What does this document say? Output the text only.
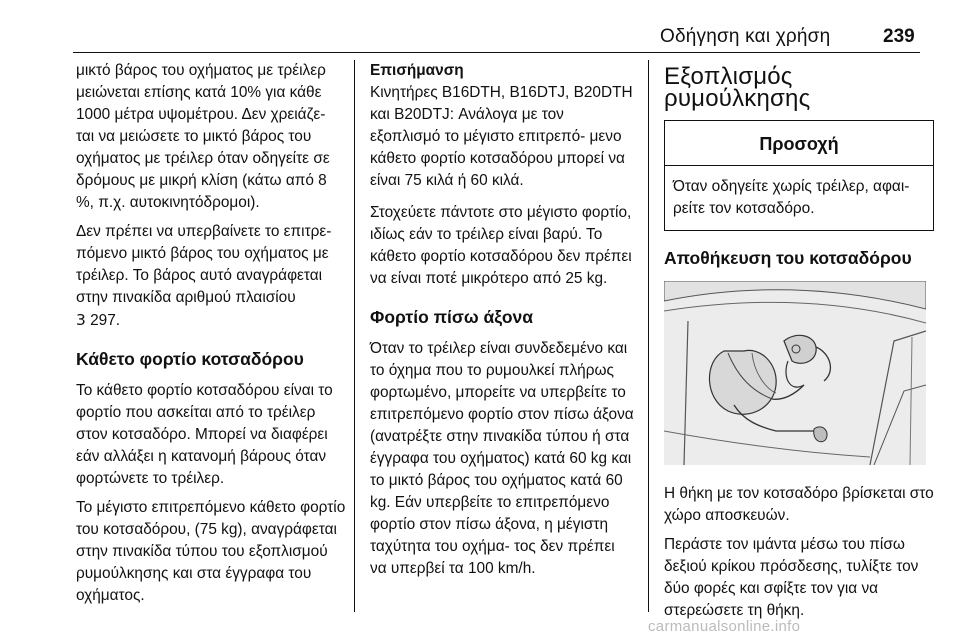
Οδήγηση και χρήση	239

μικτό βάρος του οχήματος με τρέιλερ μειώνεται επίσης κατά 10% για κάθε 1000 μέτρα υψομέτρου. Δεν χρειάζε‐ ται να μειώσετε το μικτό βάρος του οχήματος με τρέιλερ όταν οδηγείτε σε δρόμους με μικρή κλίση (κάτω από 8 %, π.χ. αυτοκινητόδρομοι).

Δεν πρέπει να υπερβαίνετε το επιτρε‐ πόμενο μικτό βάρος του οχήματος με τρέιλερ. Το βάρος αυτό αναγράφεται στην πινακίδα αριθμού πλαισίου
3 297.

Κάθετο φορτίο κοτσαδόρου

Το κάθετο φορτίο κοτσαδόρου είναι το φορτίο που ασκείται από το τρέιλερ στον κοτσαδόρο. Μπορεί να διαφέρει εάν αλλάξει η κατανομή βάρους όταν φορτώνετε το τρέιλερ.

Το μέγιστο επιτρεπόμενο κάθετο φορτίο του κοτσαδόρου, (75 kg), αναγράφεται στην πινακίδα τύπου του εξοπλισμού ρυμούλκησης και στα έγγραφα του οχήματος.

Επισήμανση
Κινητήρες B16DTH, B16DTJ, B20DTH και B20DTJ: Ανάλογα με τον εξοπλισμό το μέγιστο επιτρεπό‐ μενο κάθετο φορτίο κοτσαδόρου μπορεί να είναι 75 κιλά ή 60 κιλά.

Στοχεύετε πάντοτε στο μέγιστο φορτίο, ιδίως εάν το τρέιλερ είναι βαρύ. Το κάθετο φορτίο κοτσαδόρου δεν πρέπει να είναι ποτέ μικρότερο από 25 kg.

Φορτίο πίσω άξονα

Όταν το τρέιλερ είναι συνδεδεμένο και το όχημα που το ρυμουλκεί πλήρως φορτωμένο, μπορείτε να υπερβείτε το επιτρεπόμενο φορτίο στον πίσω άξονα (ανατρέξτε στην πινακίδα τύπου ή στα έγγραφα του οχήματος) κατά 60 kg και το μικτό βάρος του οχήματος κατά 60 kg. Εάν υπερβείτε το επιτρεπόμενο φορτίο στον πίσω άξονα, η μέγιστη ταχύτητα του οχήμα‐ τος δεν πρέπει να υπερβεί τα 100 km/h.

Εξοπλισμός ρυμούλκησης
Προσοχή
Όταν οδηγείτε χωρίς τρέιλερ, αφαι‐ ρείτε τον κοτσαδόρο.
Αποθήκευση του κοτσαδόρου

Η θήκη με τον κοτσαδόρο βρίσκεται στο χώρο αποσκευών.

Περάστε τον ιμάντα μέσω του πίσω δεξιού κρίκου πρόσδεσης, τυλίξτε τον δύο φορές και σφίξτε τον για να στερεώσετε τη θήκη.

carmanualsonline.info
